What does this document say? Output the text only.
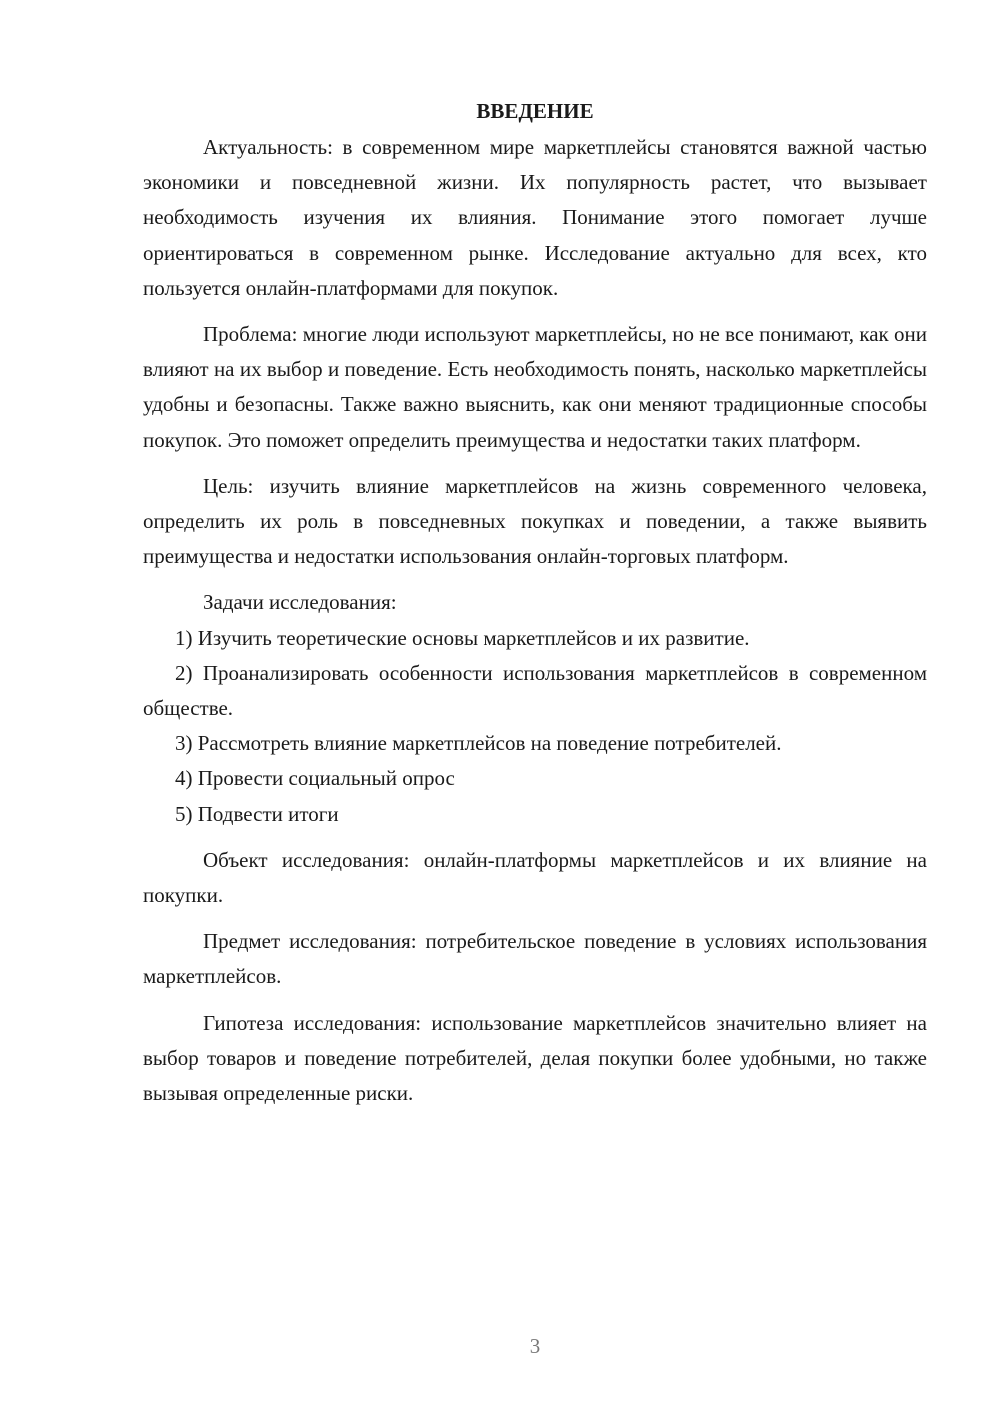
ВВЕДЕНИЕ

Актуальность: в современном мире маркетплейсы становятся важной частью экономики и повседневной жизни. Их популярность растет, что вызывает необходимость изучения их влияния. Понимание этого помогает лучше ориентироваться в современном рынке. Исследование актуально для всех, кто пользуется онлайн-платформами для покупок.

Проблема: многие люди используют маркетплейсы, но не все понимают, как они влияют на их выбор и поведение. Есть необходимость понять, насколько маркетплейсы удобны и безопасны. Также важно выяснить, как они меняют традиционные способы покупок. Это поможет определить преимущества и недостатки таких платформ.

Цель: изучить влияние маркетплейсов на жизнь современного человека, определить их роль в повседневных покупках и поведении, а также выявить преимущества и недостатки использования онлайн-торговых платформ.

Задачи исследования:

1) Изучить теоретические основы маркетплейсов и их развитие.

2) Проанализировать особенности использования маркетплейсов в современном обществе.

3) Рассмотреть влияние маркетплейсов на поведение потребителей.

4) Провести социальный опрос

5) Подвести итоги

Объект исследования: онлайн-платформы маркетплейсов и их влияние на покупки.

Предмет исследования: потребительское поведение в условиях использования маркетплейсов.

Гипотеза исследования: использование маркетплейсов значительно влияет на выбор товаров и поведение потребителей, делая покупки более удобными, но также вызывая определенные риски.

3
